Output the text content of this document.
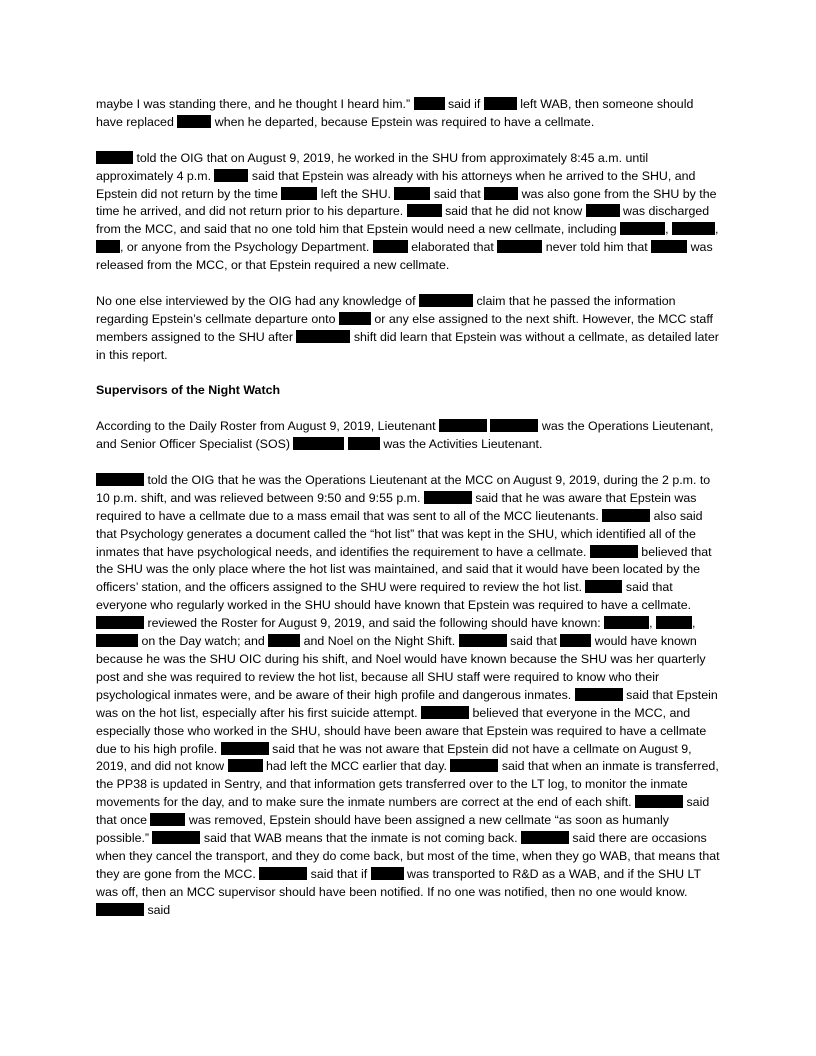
maybe I was standing there, and he thought I heard him.”	said if	left WAB, then someone should have replaced	when he departed, because Epstein was required to have a cellmate.

told the OIG that on August 9, 2019, he worked in the SHU from approximately 8:45 a.m. until approximately 4 p.m.	said that Epstein was already with his attorneys when he arrived to the SHU, and Epstein did not return by the time	left the SHU.	said that	was also gone from the SHU by the time he arrived, and did not return prior to his departure.	said that he did not know	was discharged from the MCC, and said that no one told him that Epstein would need a new cellmate, including	,	, , or anyone from the Psychology Department.	elaborated that	never told him that	was released from the MCC, or that Epstein required a new cellmate.

No one else interviewed by the OIG had any knowledge of	claim that he passed the information regarding Epstein’s cellmate departure onto	or any else assigned to the next shift. However, the MCC staff members assigned to the SHU after	shift did learn that Epstein was without a cellmate, as detailed later in this report.

Supervisors of the Night Watch

According to the Daily Roster from August 9, 2019, Lieutenant	was the Operations Lieutenant, and Senior Officer Specialist (SOS)	was the Activities Lieutenant.

told the OIG that he was the Operations Lieutenant at the MCC on August 9, 2019, during the 2 p.m. to 10 p.m. shift, and was relieved between 9:50 and 9:55 p.m.	said that he was aware that Epstein was required to have a cellmate due to a mass email that was sent to all of the MCC lieutenants.	also said that Psychology generates a document called the “hot list” that was kept in the SHU, which identified all of the inmates that have psychological needs, and identifies the requirement to have a cellmate.	believed that the SHU was the only place where the hot list was maintained, and said that it would have been located by the officers’ station, and the officers assigned to the SHU were required to review the hot list.	said that everyone who regularly worked in the SHU should have known that Epstein was required to have a cellmate.  reviewed the Roster for August 9, 2019, and said the following should have known:	,	,  on the Day watch; and	and Noel on the Night Shift.	said that	would have known because he was the SHU OIC during his shift, and Noel would have known because the SHU was her quarterly post and she was required to review the hot list, because all SHU staff were required to know who their psychological inmates were, and be aware of their high profile and dangerous inmates.	said that Epstein was on the hot list, especially after his first suicide attempt.	believed that everyone in the MCC, and especially those who worked in the SHU, should have been aware that Epstein was required to have a cellmate due to his high profile.	said that he was not aware that Epstein did not have a cellmate on August 9, 2019, and did not know	had left the MCC earlier that day.	said that when an inmate is transferred, the PP38 is updated in Sentry, and that information gets transferred over to the LT log, to monitor the inmate movements for the day, and to make sure the inmate numbers are correct at the end of each shift.	said that once	was removed, Epstein should have been assigned a new cellmate “as soon as humanly possible.”	said that WAB means that the inmate is not coming back.	said there are occasions when they cancel the transport, and they do come back, but most of the time, when they go WAB, that means that they are gone from the MCC.	said that if	was transported to R&D as a WAB, and if the SHU LT was off, then an MCC supervisor should have been notified. If no one was notified, then no one would know.  said
